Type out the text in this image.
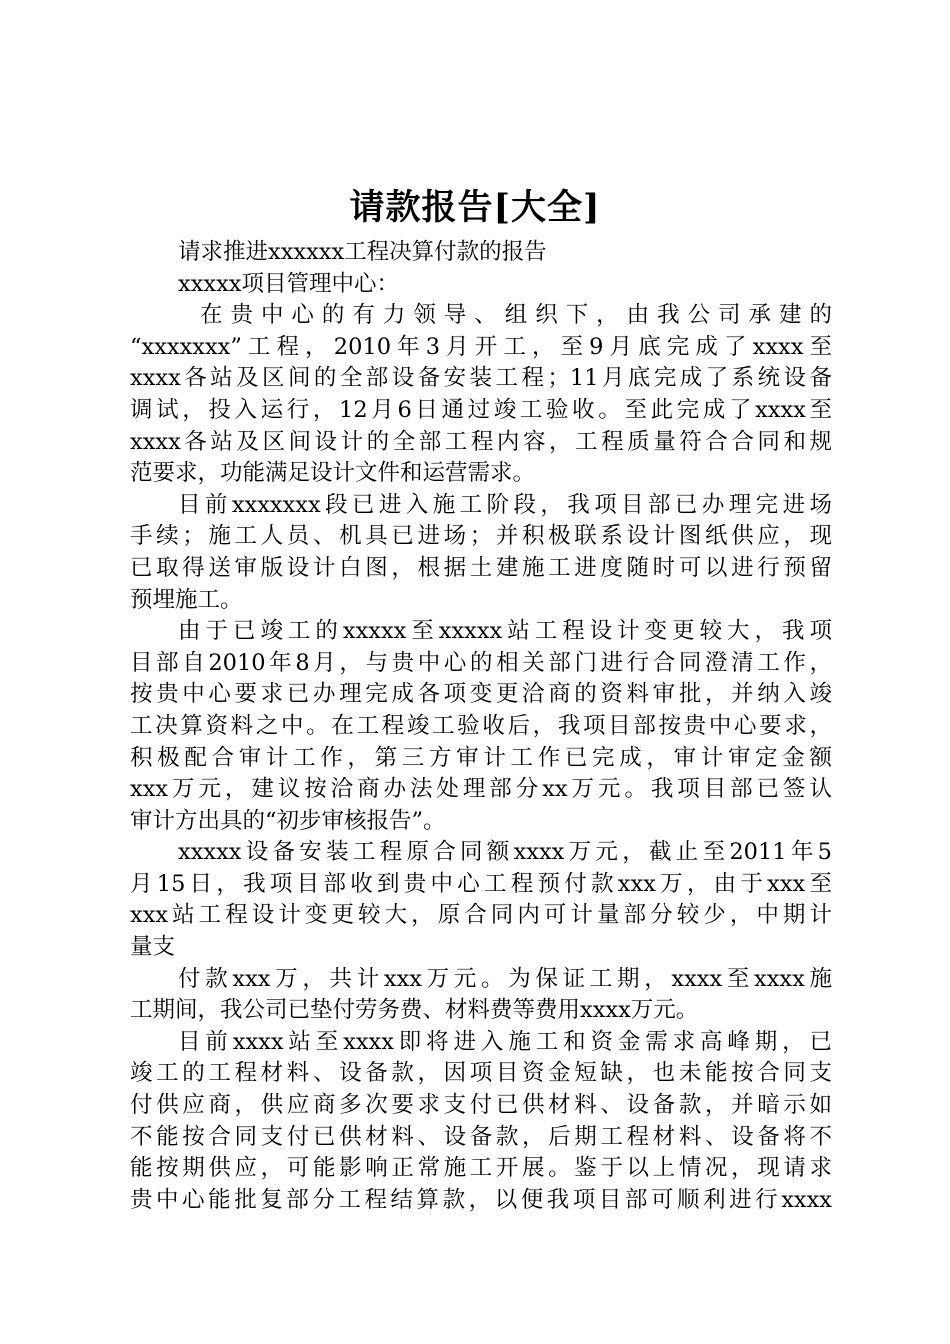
请款报告[大全]
请求推进xxxxxx工程决算付款的报告
xxxxx项目管理中心：
在贵中心的有力领导、组织下，由我公司承建的
“xxxxxxx”工程，2010年3月开工，至9月底完成了xxxx至
xxxx各站及区间的全部设备安装工程；11月底完成了系统设备
调试，投入运行，12月6日通过竣工验收。至此完成了xxxx至
xxxx各站及区间设计的全部工程内容，工程质量符合合同和规
范要求，功能满足设计文件和运营需求。
目前xxxxxxx段已进入施工阶段，我项目部已办理完进场
手续；施工人员、机具已进场；并积极联系设计图纸供应，现
已取得送审版设计白图，根据土建施工进度随时可以进行预留
预埋施工。
由于已竣工的xxxxx至xxxxx站工程设计变更较大，我项
目部自2010年8月，与贵中心的相关部门进行合同澄清工作，
按贵中心要求已办理完成各项变更洽商的资料审批，并纳入竣
工决算资料之中。在工程竣工验收后，我项目部按贵中心要求，
积极配合审计工作，第三方审计工作已完成，审计审定金额
xxx万元，建议按洽商办法处理部分xx万元。我项目部已签认
审计方出具的“初步审核报告”。
xxxxx设备安装工程原合同额xxxx万元，截止至2011年5
月15日，我项目部收到贵中心工程预付款xxx万，由于xxx至
xxx站工程设计变更较大，原合同内可计量部分较少，中期计
量支
付款xxx万，共计xxx万元。为保证工期，xxxx至xxxx施
工期间，我公司已垫付劳务费、材料费等费用xxxx万元。
目前xxxx站至xxxx即将进入施工和资金需求高峰期，已
竣工的工程材料、设备款，因项目资金短缺，也未能按合同支
付供应商，供应商多次要求支付已供材料、设备款，并暗示如
不能按合同支付已供材料、设备款，后期工程材料、设备将不
能按期供应，可能影响正常施工开展。鉴于以上情况，现请求
贵中心能批复部分工程结算款，以便我项目部可顺利进行xxxx
